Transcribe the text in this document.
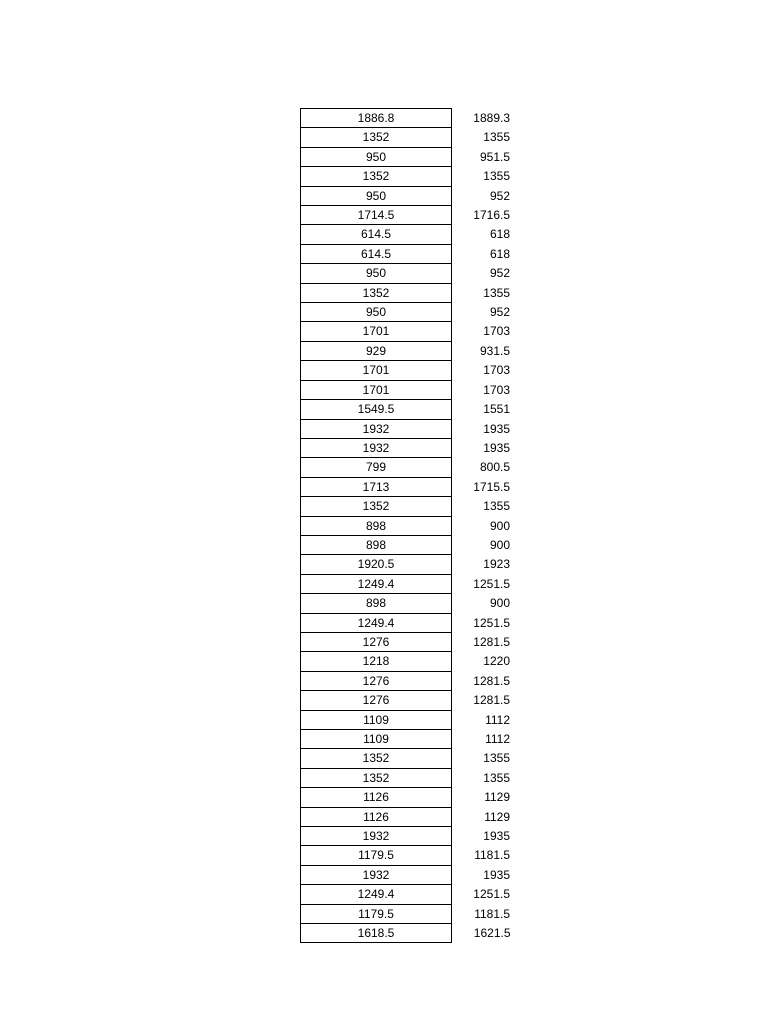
1886.8	1889.3
1352	1355
950	951.5
1352	1355
950	952
1714.5	1716.5
614.5	618
614.5	618
950	952
1352	1355
950	952
1701	1703
929	931.5
1701	1703
1701	1703
1549.5	1551
1932	1935
1932	1935
799	800.5
1713	1715.5
1352	1355
898	900
898	900
1920.5	1923
1249.4	1251.5
898	900
1249.4	1251.5
1276	1281.5
1218	1220
1276	1281.5
1276	1281.5
1109	1112
1109	1112
1352	1355
1352	1355
1126	1129
1126	1129
1932	1935
1179.5	1181.5
1932	1935
1249.4	1251.5
1179.5	1181.5
1618.5	1621.5
